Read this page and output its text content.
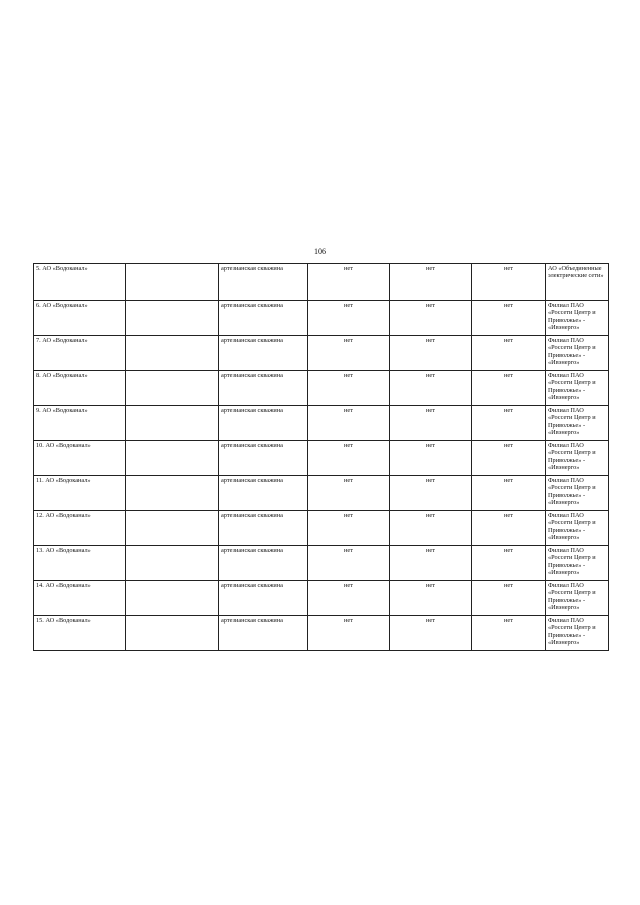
106
5. АО «Водоканал»		артезианская скважина	нет	нет	нет	АО «Объединенные электрические сети»
6. АО «Водоканал»		артезианская скважина	нет	нет	нет	Филиал ПАО «Россети Центр и Приволжье» - «Ивэнерго»
7. АО «Водоканал»		артезианская скважина	нет	нет	нет	Филиал ПАО «Россети Центр и Приволжье» - «Ивэнерго»
8. АО «Водоканал»		артезианская скважина	нет	нет	нет	Филиал ПАО «Россети Центр и Приволжье» - «Ивэнерго»
9. АО «Водоканал»		артезианская скважина	нет	нет	нет	Филиал ПАО «Россети Центр и Приволжье» - «Ивэнерго»
10. АО «Водоканал»		артезианская скважина	нет	нет	нет	Филиал ПАО «Россети Центр и Приволжье» - «Ивэнерго»
11. АО «Водоканал»		артезианская скважина	нет	нет	нет	Филиал ПАО «Россети Центр и Приволжье» - «Ивэнерго»
12. АО «Водоканал»		артезианская скважина	нет	нет	нет	Филиал ПАО «Россети Центр и Приволжье» - «Ивэнерго»
13. АО «Водоканал»		артезианская скважина	нет	нет	нет	Филиал ПАО «Россети Центр и Приволжье» - «Ивэнерго»
14. АО «Водоканал»		артезианская скважина	нет	нет	нет	Филиал ПАО «Россети Центр и Приволжье» - «Ивэнерго»
15. АО «Водоканал»		артезианская скважина	нет	нет	нет	Филиал ПАО «Россети Центр и Приволжье» - «Ивэнерго»
